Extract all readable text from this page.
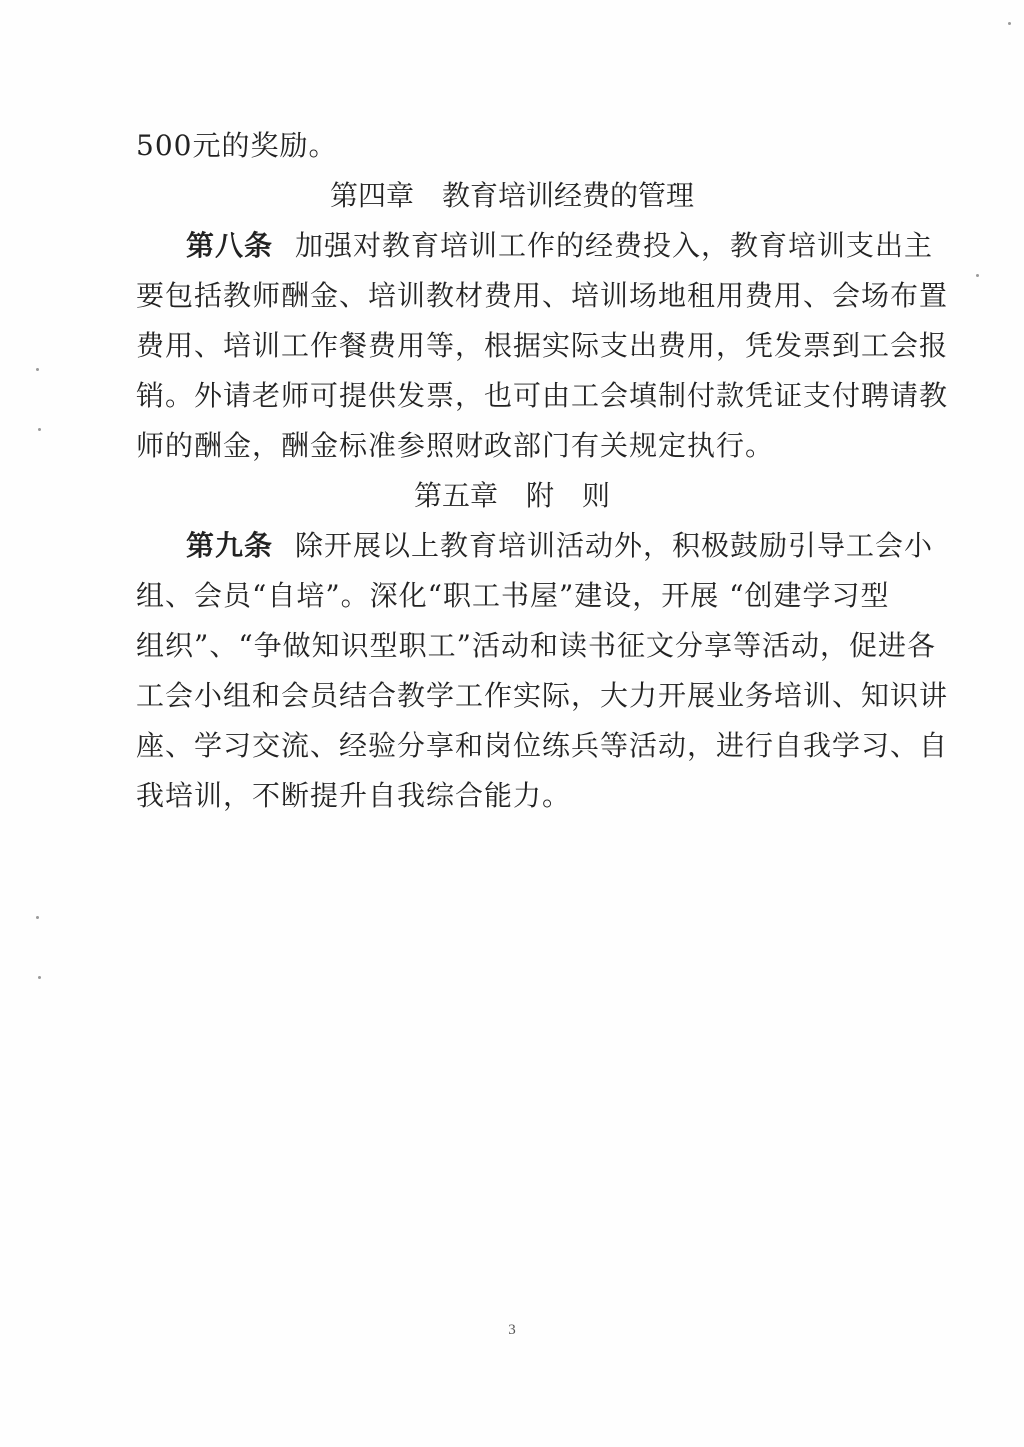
500元的奖励。
第四章　教育培训经费的管理
第八条 加强对教育培训工作的经费投入，教育培训支出主
要包括教师酬金、培训教材费用、培训场地租用费用、会场布置
费用、培训工作餐费用等，根据实际支出费用，凭发票到工会报
销。外请老师可提供发票，也可由工会填制付款凭证支付聘请教
师的酬金，酬金标准参照财政部门有关规定执行。
第五章　附　则
第九条 除开展以上教育培训活动外，积极鼓励引导工会小
组、会员“自培”。深化“职工书屋”建设，开展 “创建学习型
组织”、“争做知识型职工”活动和读书征文分享等活动，促进各
工会小组和会员结合教学工作实际，大力开展业务培训、知识讲
座、学习交流、经验分享和岗位练兵等活动，进行自我学习、自
我培训，不断提升自我综合能力。
3
